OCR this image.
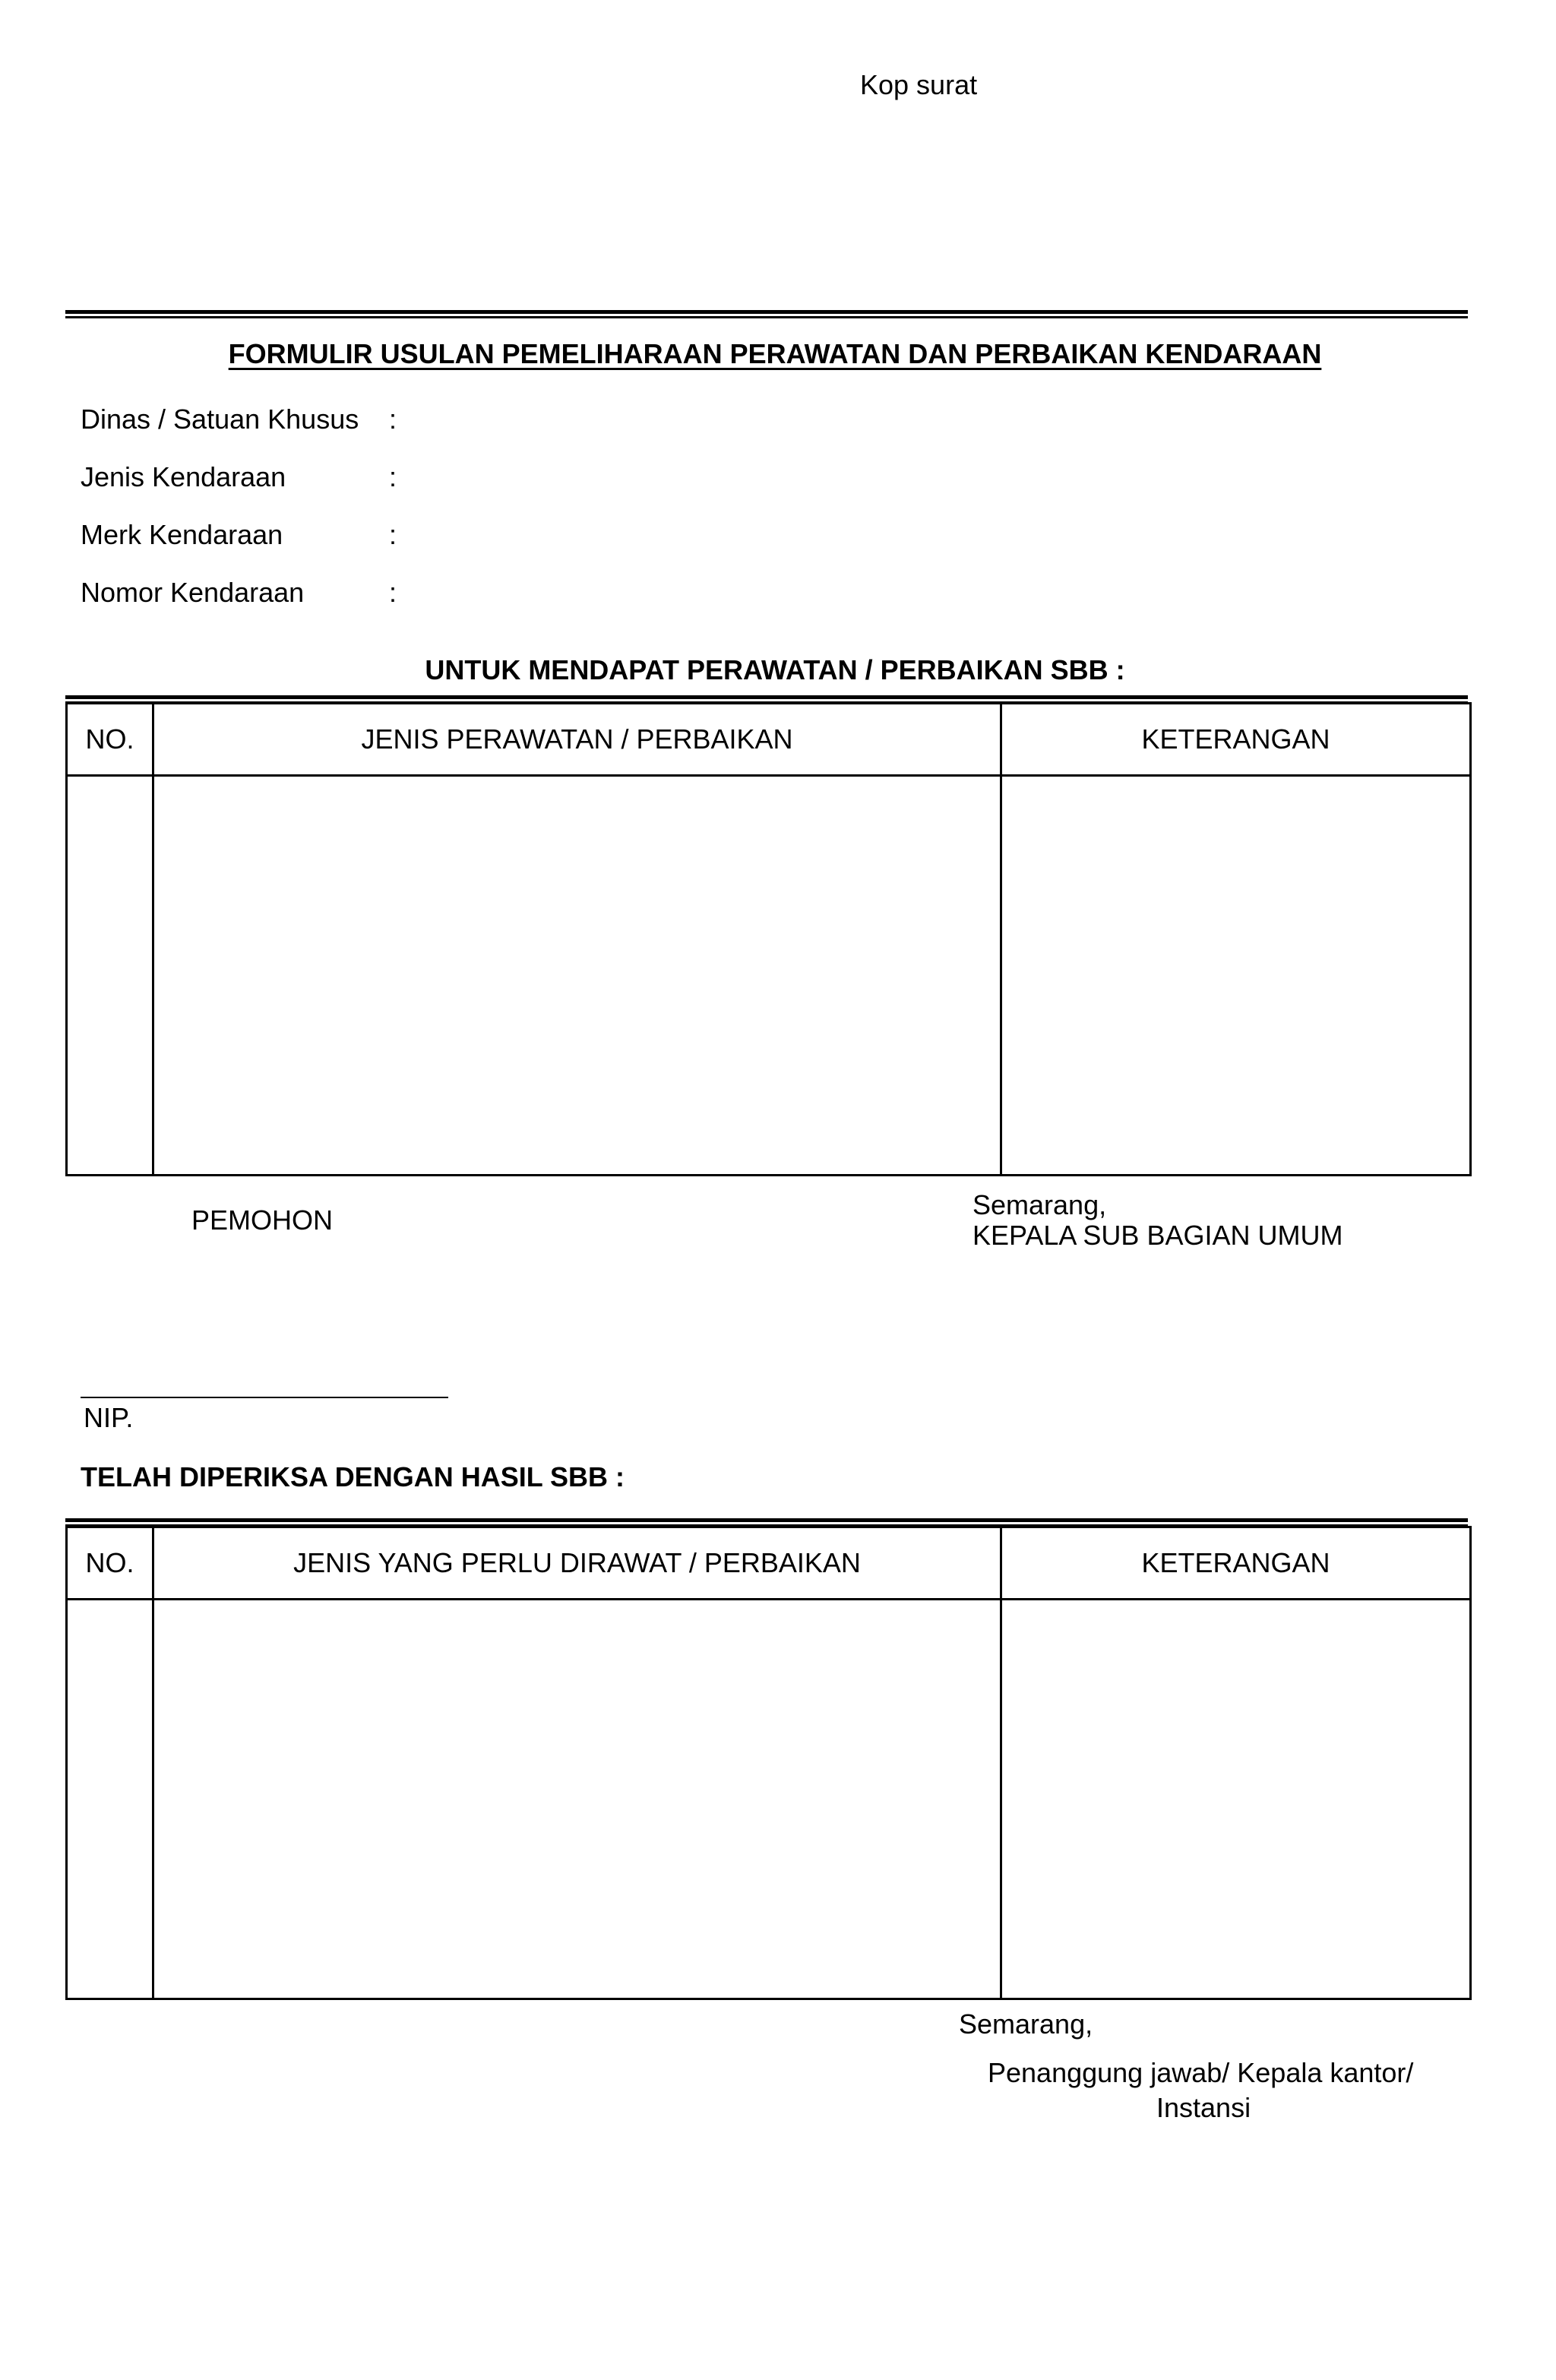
Kop surat
FORMULIR USULAN PEMELIHARAAN PERAWATAN DAN PERBAIKAN KENDARAAN
Dinas / Satuan Khusus :
Jenis Kendaraan	:
Merk Kendaraan	:
Nomor Kendaraan	:
UNTUK MENDAPAT PERAWATAN / PERBAIKAN SBB :
NO.	JENIS PERAWATAN / PERBAIKAN	KETERANGAN

PEMOHON	Semarang,
KEPALA SUB BAGIAN UMUM
NIP.
TELAH DIPERIKSA DENGAN HASIL SBB :
NO.	JENIS YANG PERLU DIRAWAT / PERBAIKAN	KETERANGAN

Semarang,
Penanggung jawab/ Kepala kantor/
Instansi
